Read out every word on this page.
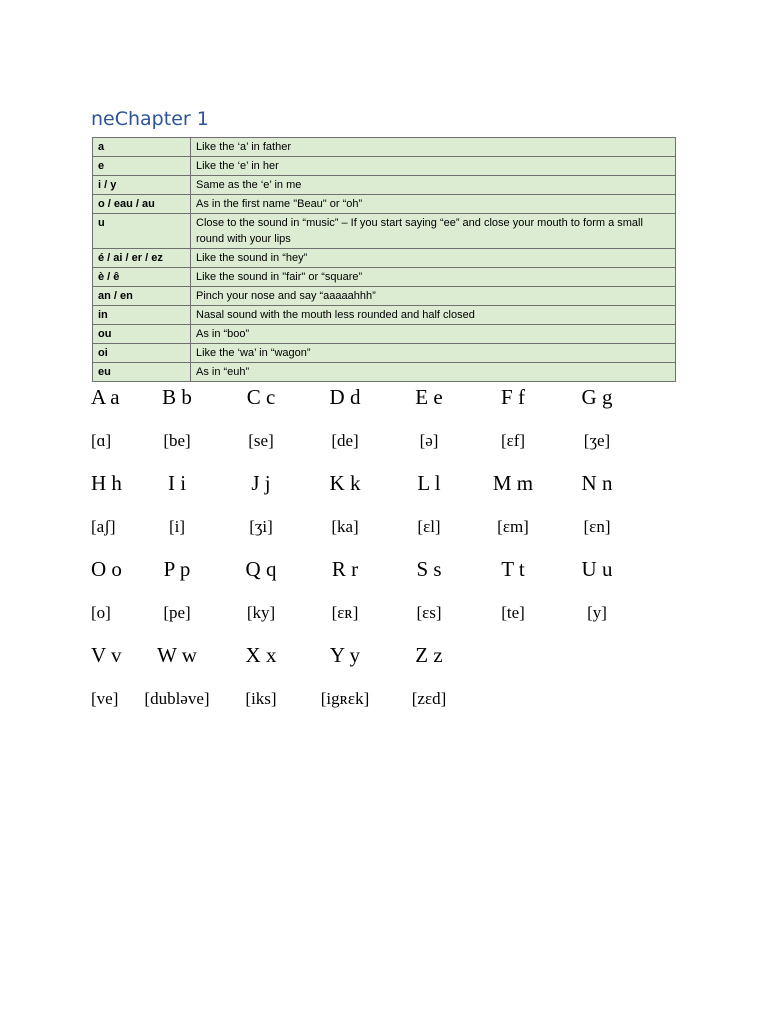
neChapter 1
a	Like the ‘a’ in father
e	Like the ‘e’ in her
i / y	Same as the ‘e’ in me
o / eau / au	As in the first name "Beau" or “oh”
u	Close to the sound in “music” – If you start saying “ee” and close your mouth to form a small round with your lips
é / ai / er / ez	Like the sound in “hey”
è / ê	Like the sound in "fair" or “square”
an / en	Pinch your nose and say “aaaaahhh”
in	Nasal sound with the mouth less rounded and half closed
ou	As in “boo”
oi	Like the ‘wa’ in “wagon”
eu	As in “euh”
A a	B b	C c	D d	E e	F f	G g
[ɑ]	[be]	[se]	[de]	[ə]	[ɛf]	[ʒe]
H h	I i	J j	K k	L l	M m	N n
[aʃ]	[i]	[ʒi]	[ka]	[ɛl]	[ɛm]	[ɛn]
O o	P p	Q q	R r	S s	T t	U u
[o]	[pe]	[ky]	[ɛʀ]	[ɛs]	[te]	[y]
V v	W w	X x	Y y	Z z
[ve]	[dubləve]	[iks]	[igʀɛk]	[zɛd]
